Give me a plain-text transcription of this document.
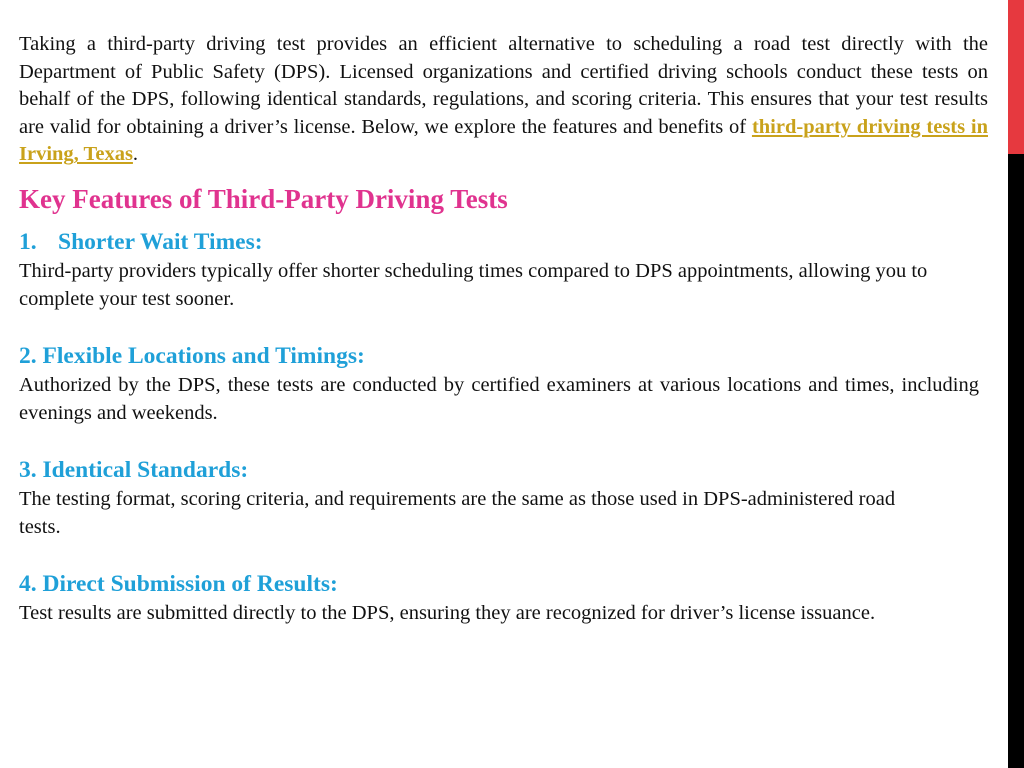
Taking a third-party driving test provides an efficient alternative to scheduling a road test directly with the Department of Public Safety (DPS). Licensed organizations and certified driving schools conduct these tests on behalf of the DPS, following identical standards, regulations, and scoring criteria. This ensures that your test results are valid for obtaining a driver’s license. Below, we explore the features and benefits of third-party driving tests in Irving, Texas.

Key Features of Third-Party Driving Tests

1. Shorter Wait Times:

Third-party providers typically offer shorter scheduling times compared to DPS appointments, allowing you to complete your test sooner.

2. Flexible Locations and Timings:

Authorized by the DPS, these tests are conducted by certified examiners at various locations and times, including evenings and weekends.

3. Identical Standards:

The testing format, scoring criteria, and requirements are the same as those used in DPS-administered road tests.

4. Direct Submission of Results:

Test results are submitted directly to the DPS, ensuring they are recognized for driver’s license issuance.
